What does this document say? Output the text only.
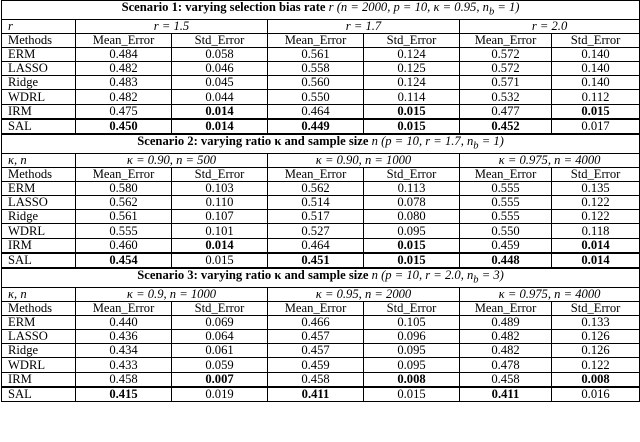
Scenario 1: varying selection bias rate r (n = 2000, p = 10, κ = 0.95, $n_b = 1$)						
r	r = 1.5		r = 1.7		r = 2.0	
Methods	Mean_Error	Std_Error	Mean_Error	Std_Error	Mean_Error	Std_Error
ERM	0.484	0.058	0.561	0.124	0.572	0.140
LASSO	0.482	0.046	0.558	0.125	0.572	0.140
Ridge	0.483	0.045	0.560	0.124	0.571	0.140
WDRL	0.482	0.044	0.550	0.114	0.532	0.112
IRM	0.475	0.014	0.464	0.015	0.477	0.015
SAL	0.450	0.014	0.449	0.015	0.452	0.017
Scenario 2: varying ratio κ and sample size n (p = 10, r = 1.7, $n_b = 1$)						
κ, n	κ = 0.90, n = 500		κ = 0.90, n = 1000		κ = 0.975, n = 4000	
Methods	Mean_Error	Std_Error	Mean_Error	Std_Error	Mean_Error	Std_Error
ERM	0.580	0.103	0.562	0.113	0.555	0.135
LASSO	0.562	0.110	0.514	0.078	0.555	0.122
Ridge	0.561	0.107	0.517	0.080	0.555	0.122
WDRL	0.555	0.101	0.527	0.095	0.550	0.118
IRM	0.460	0.014	0.464	0.015	0.459	0.014
SAL	0.454	0.015	0.451	0.015	0.448	0.014
Scenario 3: varying ratio κ and sample size n (p = 10, r = 2.0, $n_b = 3$)						
κ, n	κ = 0.9, n = 1000		κ = 0.95, n = 2000		κ = 0.975, n = 4000	
Methods	Mean_Error	Std_Error	Mean_Error	Std_Error	Mean_Error	Std_Error
ERM	0.440	0.069	0.466	0.105	0.489	0.133
LASSO	0.436	0.064	0.457	0.096	0.482	0.126
Ridge	0.434	0.061	0.457	0.095	0.482	0.126
WDRL	0.433	0.059	0.459	0.095	0.478	0.122
IRM	0.458	0.007	0.458	0.008	0.458	0.008
SAL	0.415	0.019	0.411	0.015	0.411	0.016
